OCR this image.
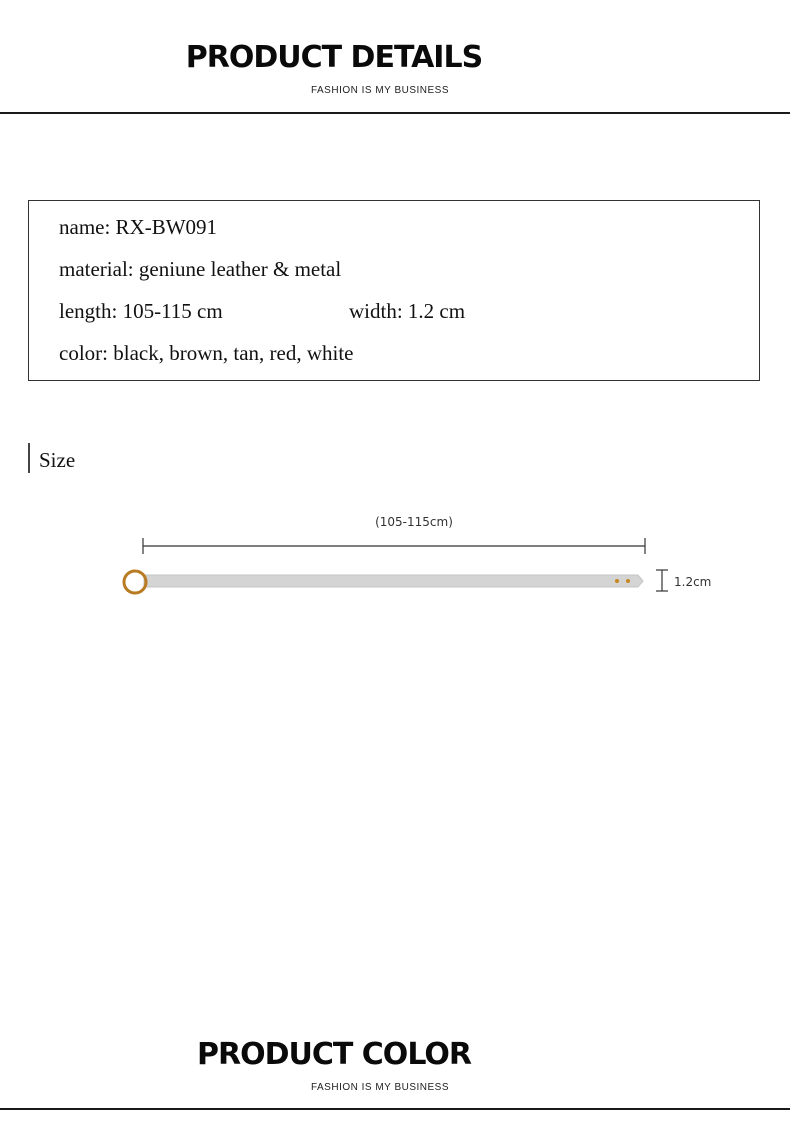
PRODUCT DETAILS
FASHION IS MY BUSINESS
name: RX-BW091
material: geniune leather & metal
length: 105-115 cm	width: 1.2 cm
color: black, brown, tan, red, white
Size
(105-115cm)
1.2cm
PRODUCT COLOR
FASHION IS MY BUSINESS
